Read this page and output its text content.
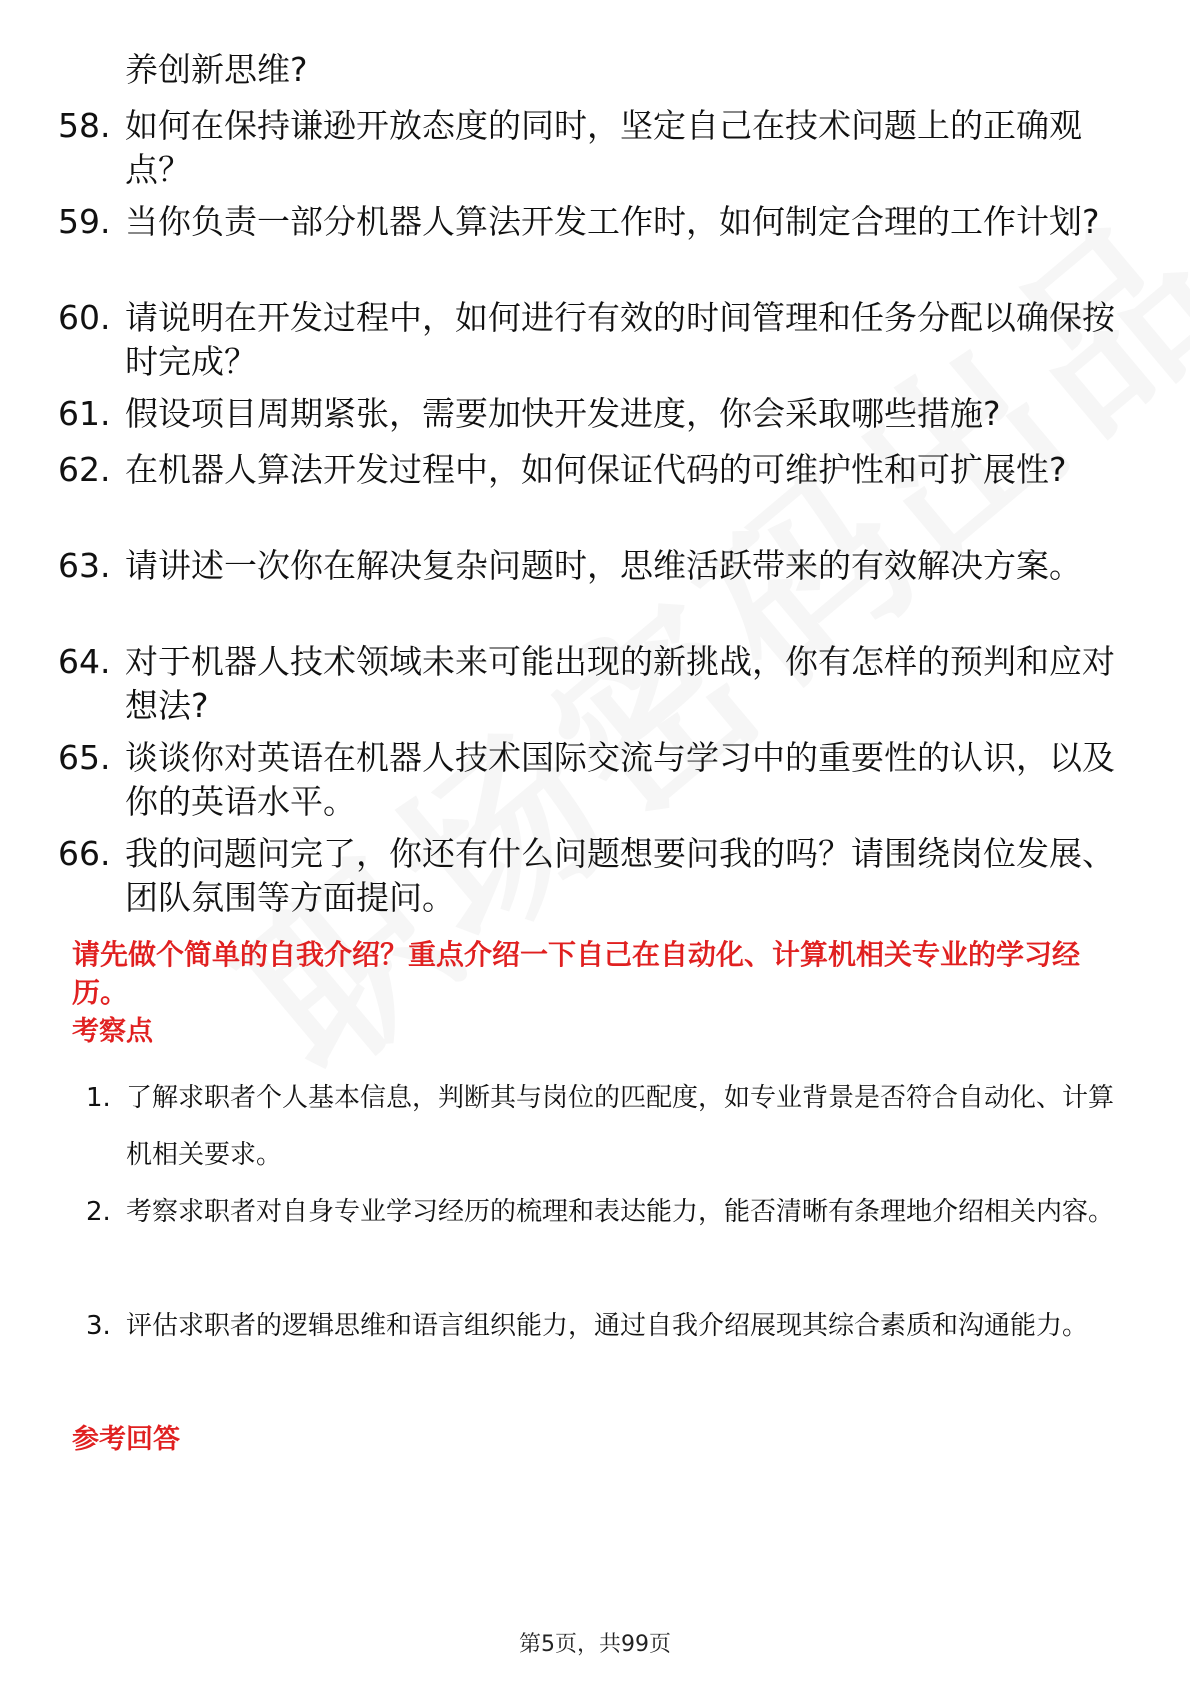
养创新思维?

58. 如何在保持谦逊开放态度的同时，坚定自己在技术问题上的正确观点？
59. 当你负责一部分机器人算法开发工作时，如何制定合理的工作计划?
60. 请说明在开发过程中，如何进行有效的时间管理和任务分配以确保按时完成？
61. 假设项目周期紧张，需要加快开发进度，你会采取哪些措施?
62. 在机器人算法开发过程中，如何保证代码的可维护性和可扩展性?
63. 请讲述一次你在解决复杂问题时，思维活跃带来的有效解决方案。
64. 对于机器人技术领域未来可能出现的新挑战，你有怎样的预判和应对想法?
65. 谈谈你对英语在机器人技术国际交流与学习中的重要性的认识，以及你的英语水平。
66. 我的问题问完了，你还有什么问题想要问我的吗？请围绕岗位发展、团队氛围等方面提问。

请先做个简单的自我介绍？重点介绍一下自己在自动化、计算机相关专业的学习经历。

考察点

1. 了解求职者个人基本信息，判断其与岗位的匹配度，如专业背景是否符合自动化、计算机相关要求。
2. 考察求职者对自身专业学习经历的梳理和表达能力，能否清晰有条理地介绍相关内容。
3. 评估求职者的逻辑思维和语言组织能力，通过自我介绍展现其综合素质和沟通能力。

参考回答

第5页，共99页
